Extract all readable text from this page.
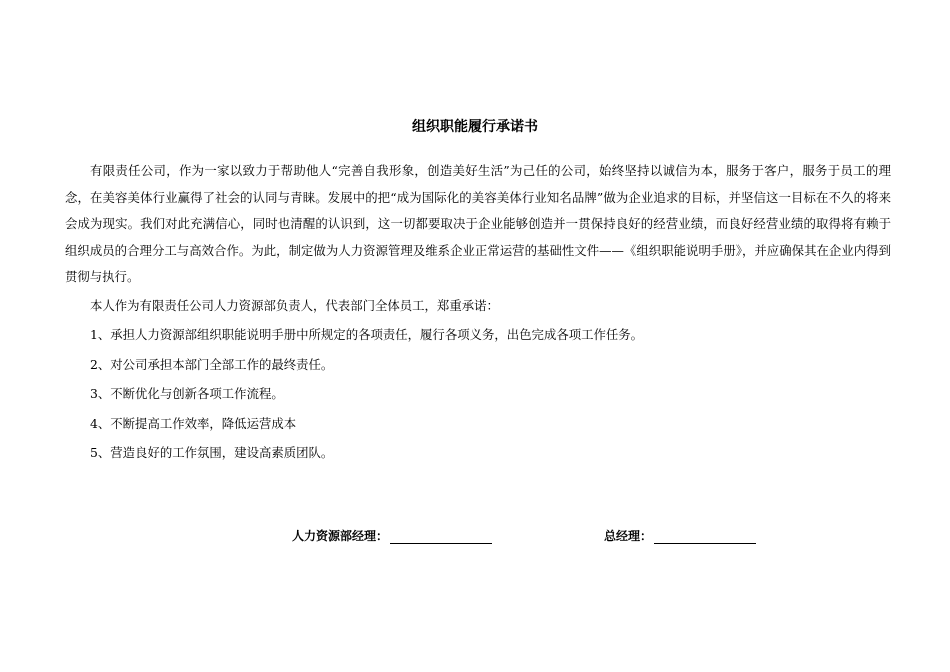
组织职能履行承诺书

有限责任公司，作为一家以致力于帮助他人“完善自我形象，创造美好生活”为己任的公司，始终坚持以诚信为本，服务于客户，服务于员工的理念，在美容美体行业赢得了社会的认同与青睐。发展中的把“成为国际化的美容美体行业知名品牌”做为企业追求的目标，并坚信这一目标在不久的将来会成为现实。我们对此充满信心，同时也清醒的认识到，这一切都要取决于企业能够创造并一贯保持良好的经营业绩，而良好经营业绩的取得将有赖于组织成员的合理分工与高效合作。为此，制定做为人力资源管理及维系企业正常运营的基础性文件——《组织职能说明手册》，并应确保其在企业内得到贯彻与执行。

本人作为有限责任公司人力资源部负责人，代表部门全体员工，郑重承诺：

1、承担人力资源部组织职能说明手册中所规定的各项责任，履行各项义务，出色完成各项工作任务。

2、对公司承担本部门全部工作的最终责任。

3、不断优化与创新各项工作流程。

4、不断提高工作效率，降低运营成本

5、营造良好的工作氛围，建设高素质团队。

人力资源部经理：	总经理：
